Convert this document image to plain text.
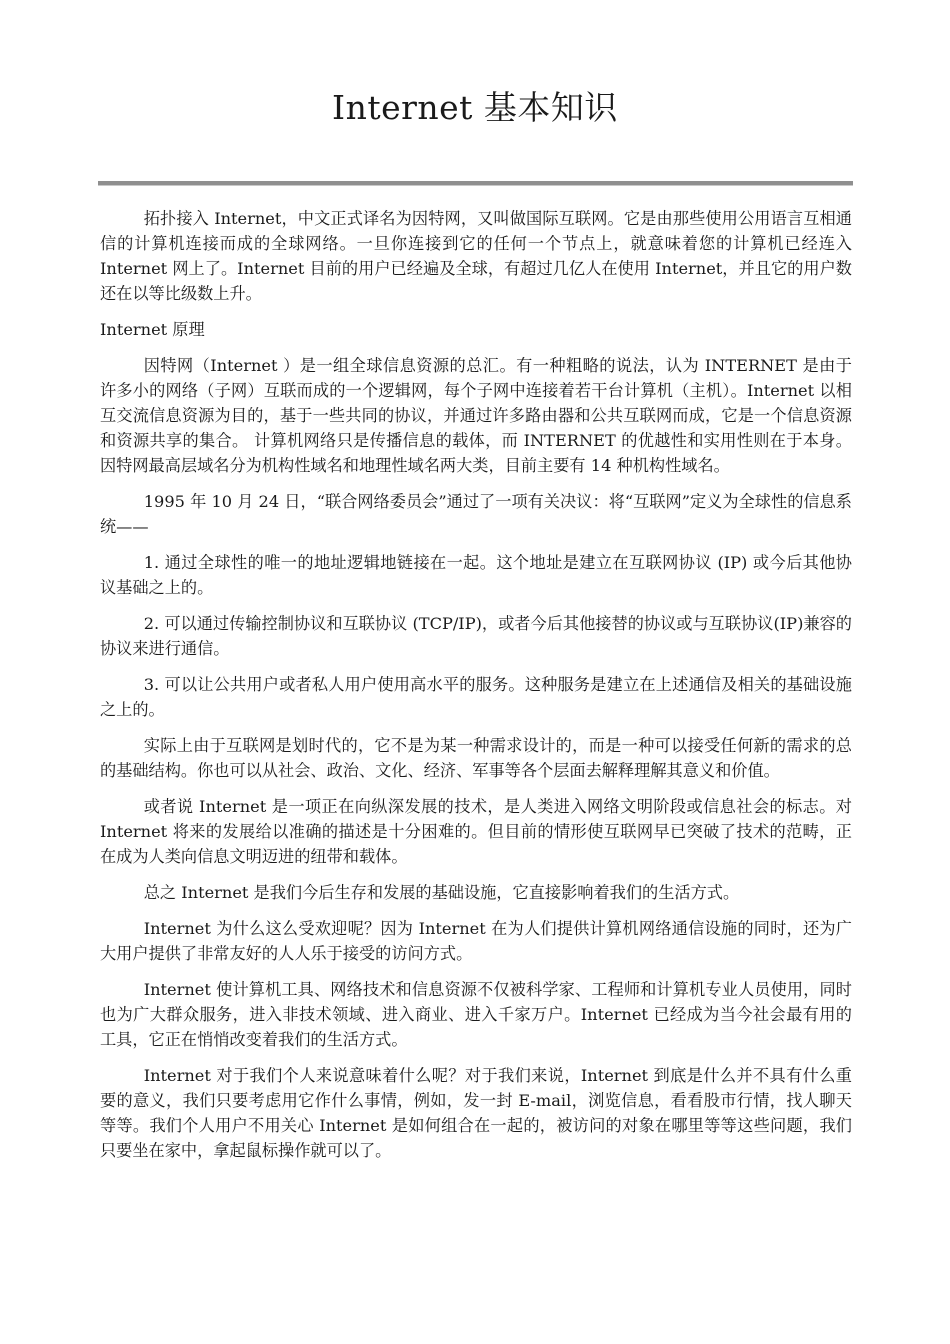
Internet 基本知识

拓扑接入 Internet，中文正式译名为因特网，又叫做国际互联网。它是由那些使用公用语言互相通信的计算机连接而成的全球网络。一旦你连接到它的任何一个节点上，就意味着您的计算机已经连入 Internet 网上了。Internet 目前的用户已经遍及全球，有超过几亿人在使用 Internet，并且它的用户数还在以等比级数上升。

Internet 原理

因特网（Internet ）是一组全球信息资源的总汇。有一种粗略的说法，认为 INTERNET 是由于许多小的网络（子网）互联而成的一个逻辑网，每个子网中连接着若干台计算机（主机）。Internet 以相互交流信息资源为目的，基于一些共同的协议，并通过许多路由器和公共互联网而成，它是一个信息资源和资源共享的集合。 计算机网络只是传播信息的载体，而 INTERNET 的优越性和实用性则在于本身。因特网最高层域名分为机构性域名和地理性域名两大类，目前主要有 14 种机构性域名。

1995 年 10 月 24 日，“联合网络委员会”通过了一项有关决议：将“互联网”定义为全球性的信息系统——

1. 通过全球性的唯一的地址逻辑地链接在一起。这个地址是建立在互联网协议 (IP) 或今后其他协议基础之上的。

2. 可以通过传输控制协议和互联协议 (TCP/IP)，或者今后其他接替的协议或与互联协议(IP)兼容的协议来进行通信。

3. 可以让公共用户或者私人用户使用高水平的服务。这种服务是建立在上述通信及相关的基础设施之上的。

实际上由于互联网是划时代的，它不是为某一种需求设计的，而是一种可以接受任何新的需求的总的基础结构。你也可以从社会、政治、文化、经济、军事等各个层面去解释理解其意义和价值。

或者说 Internet 是一项正在向纵深发展的技术，是人类进入网络文明阶段或信息社会的标志。对 Internet 将来的发展给以准确的描述是十分困难的。但目前的情形使互联网早已突破了技术的范畴，正在成为人类向信息文明迈进的纽带和载体。

总之 Internet 是我们今后生存和发展的基础设施，它直接影响着我们的生活方式。

Internet 为什么这么受欢迎呢？因为 Internet 在为人们提供计算机网络通信设施的同时，还为广大用户提供了非常友好的人人乐于接受的访问方式。

Internet 使计算机工具、网络技术和信息资源不仅被科学家、工程师和计算机专业人员使用，同时也为广大群众服务，进入非技术领域、进入商业、进入千家万户。Internet 已经成为当今社会最有用的工具，它正在悄悄改变着我们的生活方式。

Internet 对于我们个人来说意味着什么呢？对于我们来说，Internet 到底是什么并不具有什么重要的意义，我们只要考虑用它作什么事情，例如，发一封 E-mail，浏览信息，看看股市行情，找人聊天等等。我们个人用户不用关心 Internet 是如何组合在一起的，被访问的对象在哪里等等这些问题，我们只要坐在家中，拿起鼠标操作就可以了。
